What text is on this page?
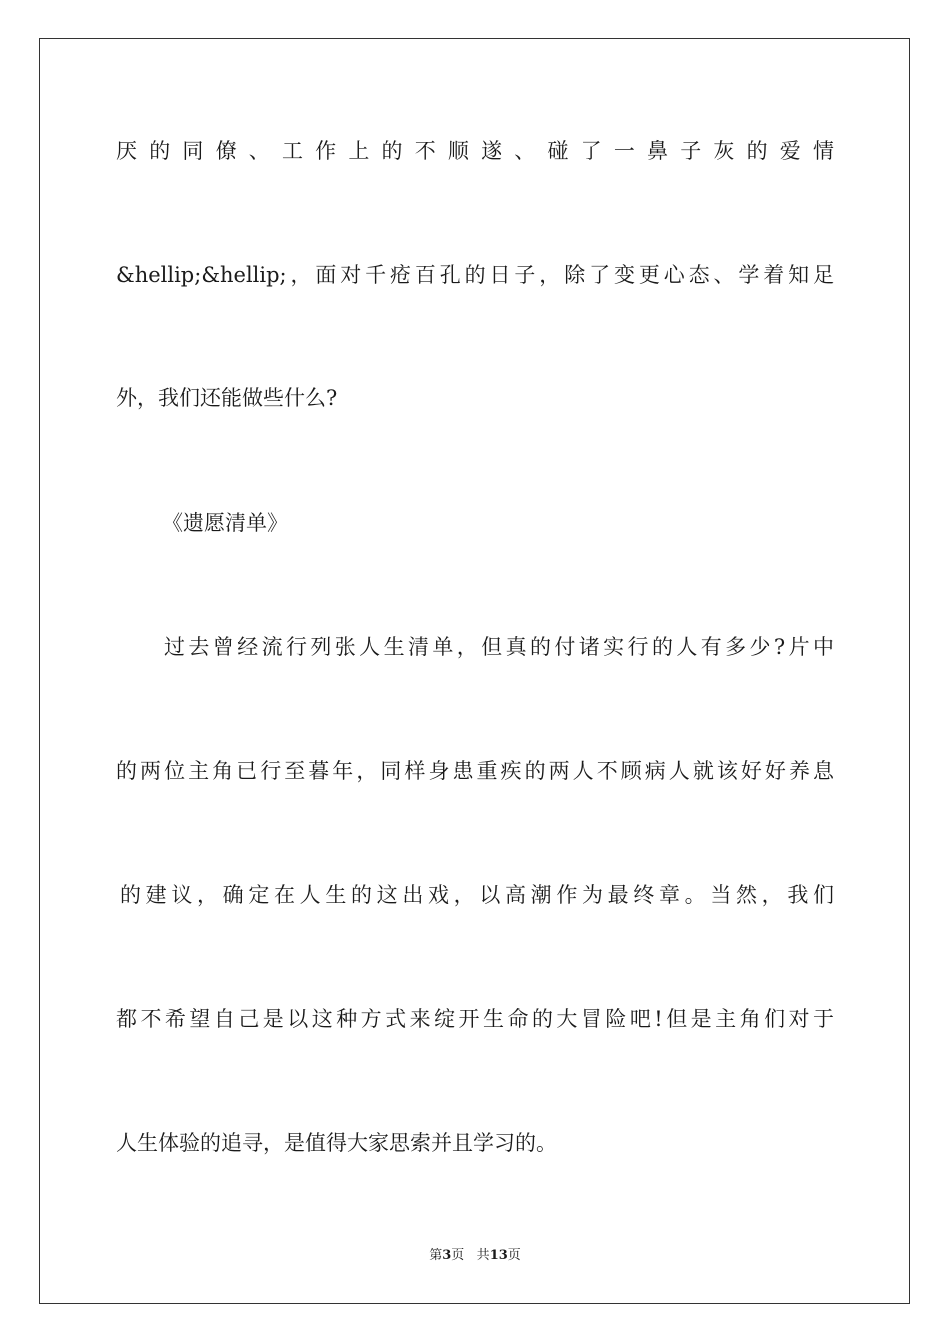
厌 的 同 僚 、 工 作 上 的 不 顺 遂 、 碰 了 一 鼻 子 灰 的 爱 情
&hellip;&hellip;，面对千疮百孔的日子，除了变更心态、学着知足
外，我们还能做些什么?
《遗愿清单》
过去曾经流行列张人生清单，但真的付诸实行的人有多少?片中
的两位主角已行至暮年，同样身患重疾的两人不顾病人就该好好养息
的建议，确定在人生的这出戏，以高潮作为最终章。当然，我们
都不希望自己是以这种方式来绽开生命的大冒险吧!但是主角们对于
人生体验的追寻，是值得大家思索并且学习的。
第3页 共13页
